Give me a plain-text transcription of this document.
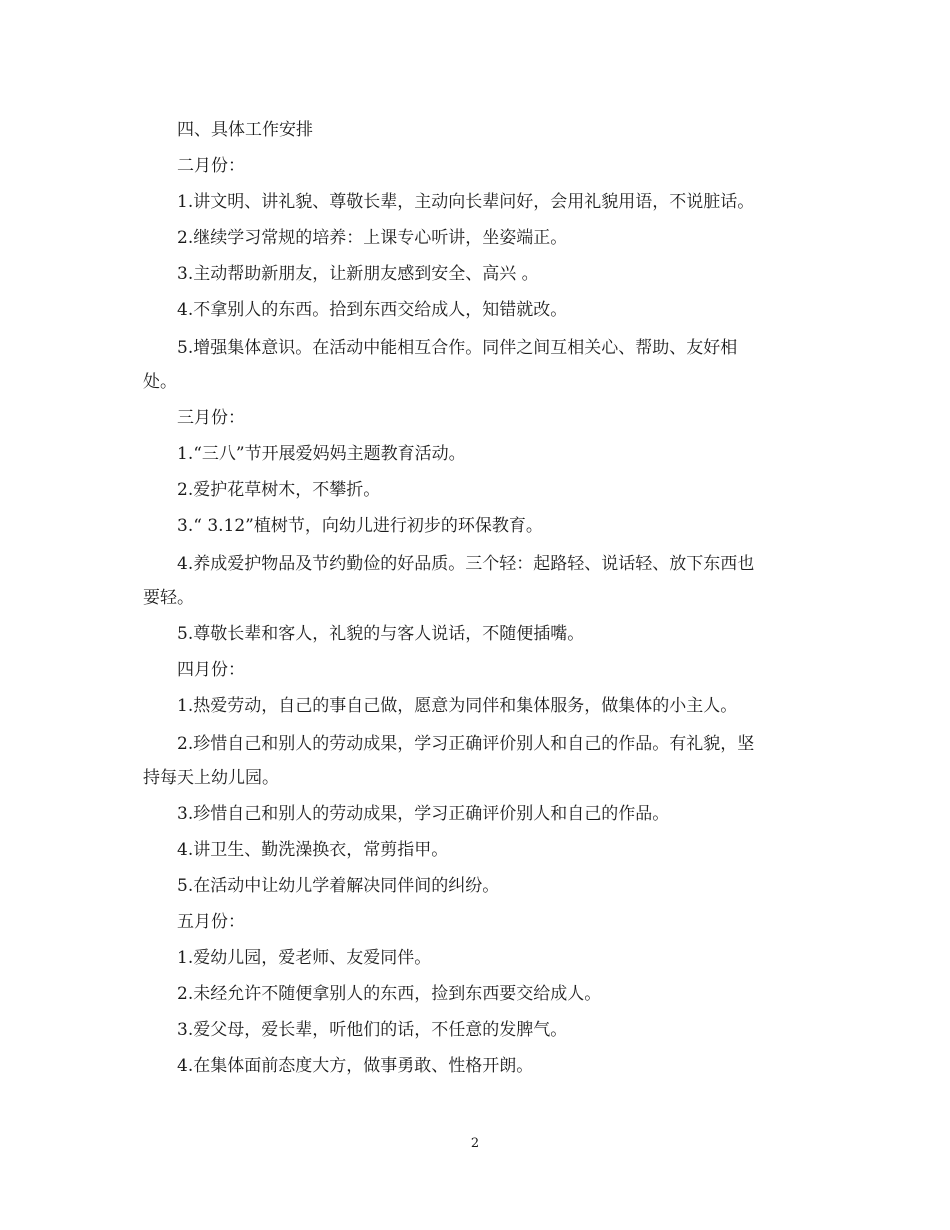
四、具体工作安排
二月份：
1.讲文明、讲礼貌、尊敬长辈，主动向长辈问好，会用礼貌用语，不说脏话。
2.继续学习常规的培养：上课专心听讲，坐姿端正。
3.主动帮助新朋友，让新朋友感到安全、高兴 。
4.不拿别人的东西。拾到东西交给成人，知错就改。
5.增强集体意识。在活动中能相互合作。同伴之间互相关心、帮助、友好相
处。
三月份：
1.“三八”节开展爱妈妈主题教育活动。
2.爱护花草树木，不攀折。
3.“ 3.12”植树节，向幼儿进行初步的环保教育。
4.养成爱护物品及节约勤俭的好品质。三个轻：起路轻、说话轻、放下东西也
要轻。
5.尊敬长辈和客人，礼貌的与客人说话，不随便插嘴。
四月份：
1.热爱劳动，自己的事自己做，愿意为同伴和集体服务，做集体的小主人。
2.珍惜自己和别人的劳动成果，学习正确评价别人和自己的作品。有礼貌，坚
持每天上幼儿园。
3.珍惜自己和别人的劳动成果，学习正确评价别人和自己的作品。
4.讲卫生、勤洗澡换衣，常剪指甲。
5.在活动中让幼儿学着解决同伴间的纠纷。
五月份：
1.爱幼儿园，爱老师、友爱同伴。
2.未经允许不随便拿别人的东西，捡到东西要交给成人。
3.爱父母，爱长辈，听他们的话，不任意的发脾气。
4.在集体面前态度大方，做事勇敢、性格开朗。
2
